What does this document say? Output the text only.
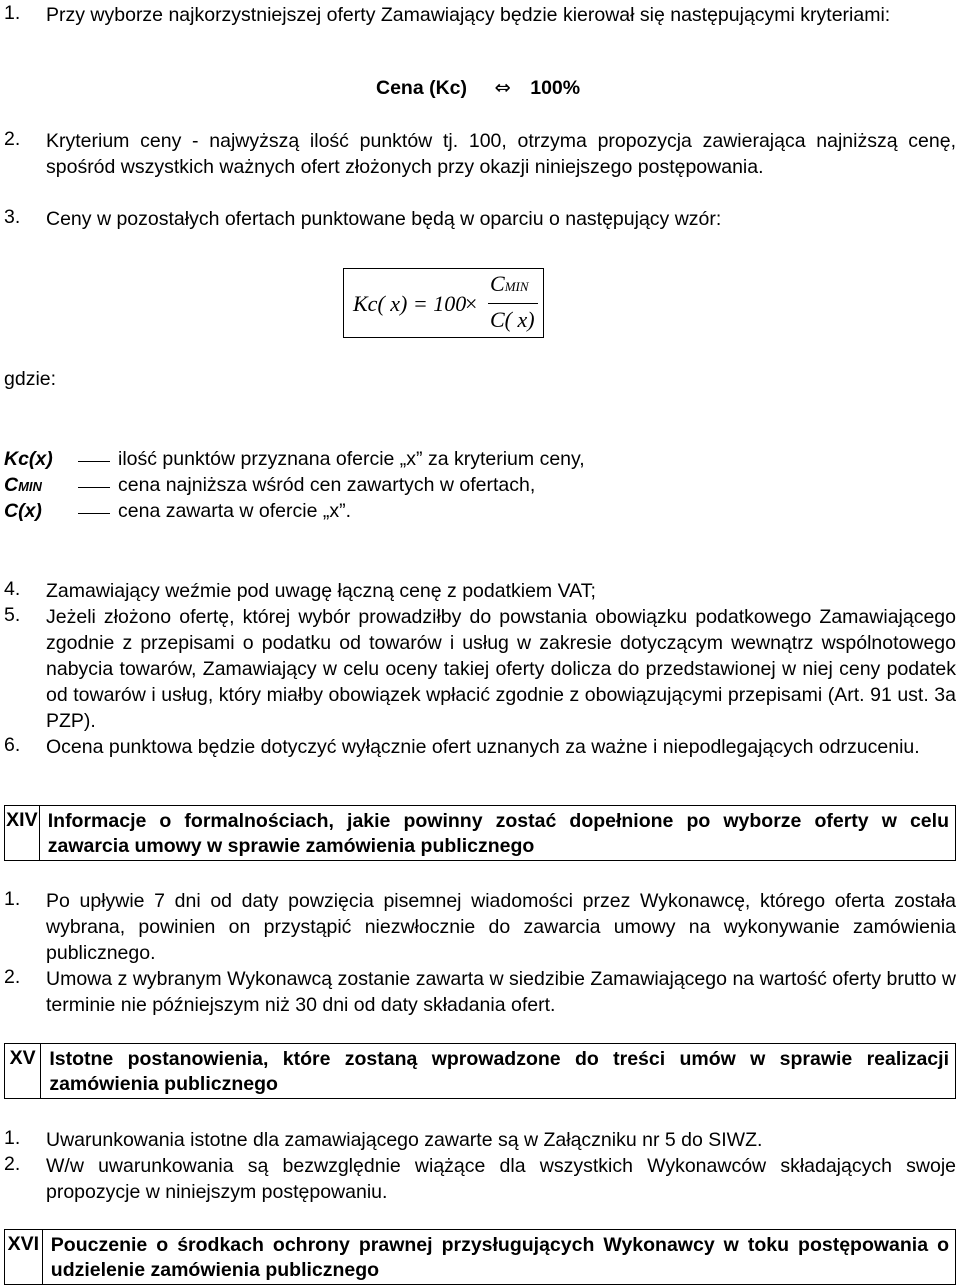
1.	Przy wyborze najkorzystniejszej oferty Zamawiający będzie kierował się następującymi kryteriami:
Cena (Kc) ⇔ 100%
2.	Kryterium ceny - najwyższą ilość punktów tj. 100, otrzyma propozycja zawierająca najniższą cenę, spośród wszystkich ważnych ofert złożonych przy okazji niniejszego postępowania.
3.	Ceny w pozostałych ofertach punktowane będą w oparciu o następujący wzór:
Kc( x) = 100
×
CMIN
C( x)
gdzie:
Kc(x)	ilość punktów przyznana ofercie „x” za kryterium ceny,
CMIN	cena najniższa wśród cen zawartych w ofertach,
C(x)	cena zawarta w ofercie „x”.
4.	Zamawiający weźmie pod uwagę łączną cenę z podatkiem VAT;
5.	Jeżeli złożono ofertę, której wybór prowadziłby do powstania obowiązku podatkowego Zamawiającego zgodnie z przepisami o podatku od towarów i usług w zakresie dotyczącym wewnątrz wspólnotowego nabycia towarów, Zamawiający w celu oceny takiej oferty dolicza do przedstawionej w niej ceny podatek od towarów i usług, który miałby obowiązek wpłacić zgodnie z obowiązującymi przepisami (Art. 91 ust. 3a PZP).
6.	Ocena punktowa będzie dotyczyć wyłącznie ofert uznanych za ważne i niepodlegających odrzuceniu.
XIV Informacje o formalnościach, jakie powinny zostać dopełnione po wyborze oferty w celu zawarcia umowy w sprawie zamówienia publicznego
1.	Po upływie 7 dni od daty powzięcia pisemnej wiadomości przez Wykonawcę, którego oferta została wybrana, powinien on przystąpić niezwłocznie do zawarcia umowy na wykonywanie zamówienia publicznego.
2.	Umowa z wybranym Wykonawcą zostanie zawarta w siedzibie Zamawiającego na wartość oferty brutto w terminie nie późniejszym niż 30 dni od daty składania ofert.
XV Istotne postanowienia, które zostaną wprowadzone do treści umów w sprawie realizacji zamówienia publicznego
1.	Uwarunkowania istotne dla zamawiającego zawarte są w Załączniku nr 5 do SIWZ.
2.	W/w uwarunkowania są bezwzględnie wiążące dla wszystkich Wykonawców składających swoje propozycje w niniejszym postępowaniu.
XVI Pouczenie o środkach ochrony prawnej przysługujących Wykonawcy w toku postępowania o udzielenie zamówienia publicznego
